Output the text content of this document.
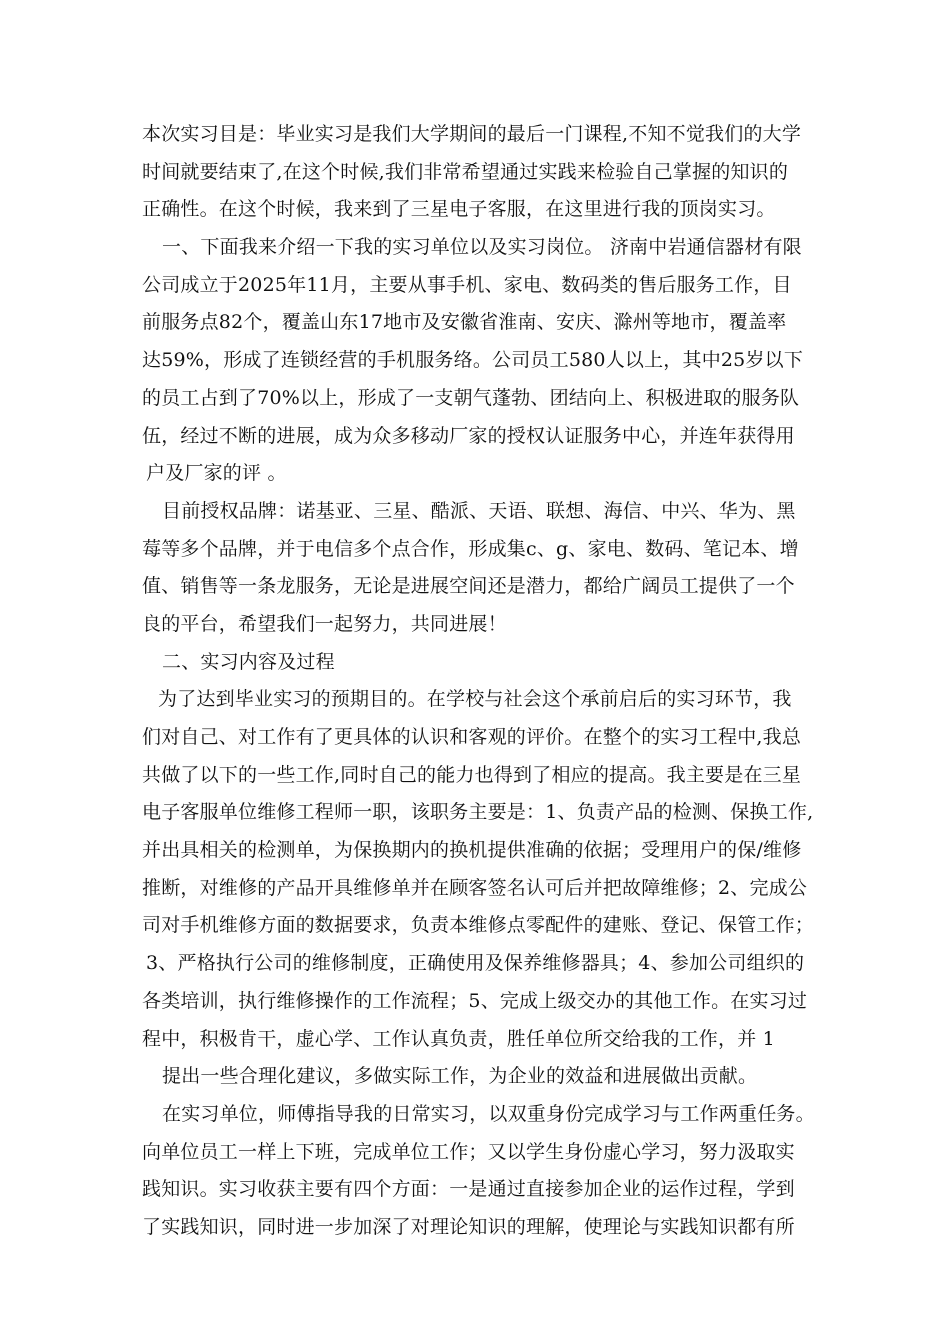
本次实习目是：毕业实习是我们大学期间的最后一门课程,不知不觉我们的大学
时间就要结束了,在这个时候,我们非常希望通过实践来检验自己掌握的知识的
正确性。在这个时候，我来到了三星电子客服，在这里进行我的顶岗实习。
一、下面我来介绍一下我的实习单位以及实习岗位。 济南中岩通信器材有限
公司成立于2025年11月，主要从事手机、家电、数码类的售后服务工作，目
前服务点82个，覆盖山东17地市及安徽省淮南、安庆、滁州等地市，覆盖率
达59%，形成了连锁经营的手机服务络。公司员工580人以上，其中25岁以下
的员工占到了70%以上，形成了一支朝气蓬勃、团结向上、积极进取的服务队
伍，经过不断的进展，成为众多移动厂家的授权认证服务中心，并连年获得用
户及厂家的评 。
目前授权品牌：诺基亚、三星、酷派、天语、联想、海信、中兴、华为、黑
莓等多个品牌，并于电信多个点合作，形成集c、g、家电、数码、笔记本、增
值、销售等一条龙服务，无论是进展空间还是潜力，都给广阔员工提供了一个
良的平台，希望我们一起努力，共同进展！
二、实习内容及过程
为了达到毕业实习的预期目的。在学校与社会这个承前启后的实习环节，我
们对自己、对工作有了更具体的认识和客观的评价。在整个的实习工程中,我总
共做了以下的一些工作,同时自己的能力也得到了相应的提高。我主要是在三星
电子客服单位维修工程师一职，该职务主要是：1、负责产品的检测、保换工作,
并出具相关的检测单，为保换期内的换机提供准确的依据；受理用户的保/维修
推断，对维修的产品开具维修单并在顾客签名认可后并把故障维修；2、完成公
司对手机维修方面的数据要求，负责本维修点零配件的建账、登记、保管工作；
3、严格执行公司的维修制度，正确使用及保养维修器具；4、参加公司组织的
各类培训，执行维修操作的工作流程；5、完成上级交办的其他工作。在实习过
程中，积极肯干，虚心学、工作认真负责，胜任单位所交给我的工作，并 1
提出一些合理化建议，多做实际工作，为企业的效益和进展做出贡献。
在实习单位，师傅指导我的日常实习，以双重身份完成学习与工作两重任务。
向单位员工一样上下班，完成单位工作；又以学生身份虚心学习，努力汲取实
践知识。实习收获主要有四个方面：一是通过直接参加企业的运作过程，学到
了实践知识，同时进一步加深了对理论知识的理解，使理论与实践知识都有所
